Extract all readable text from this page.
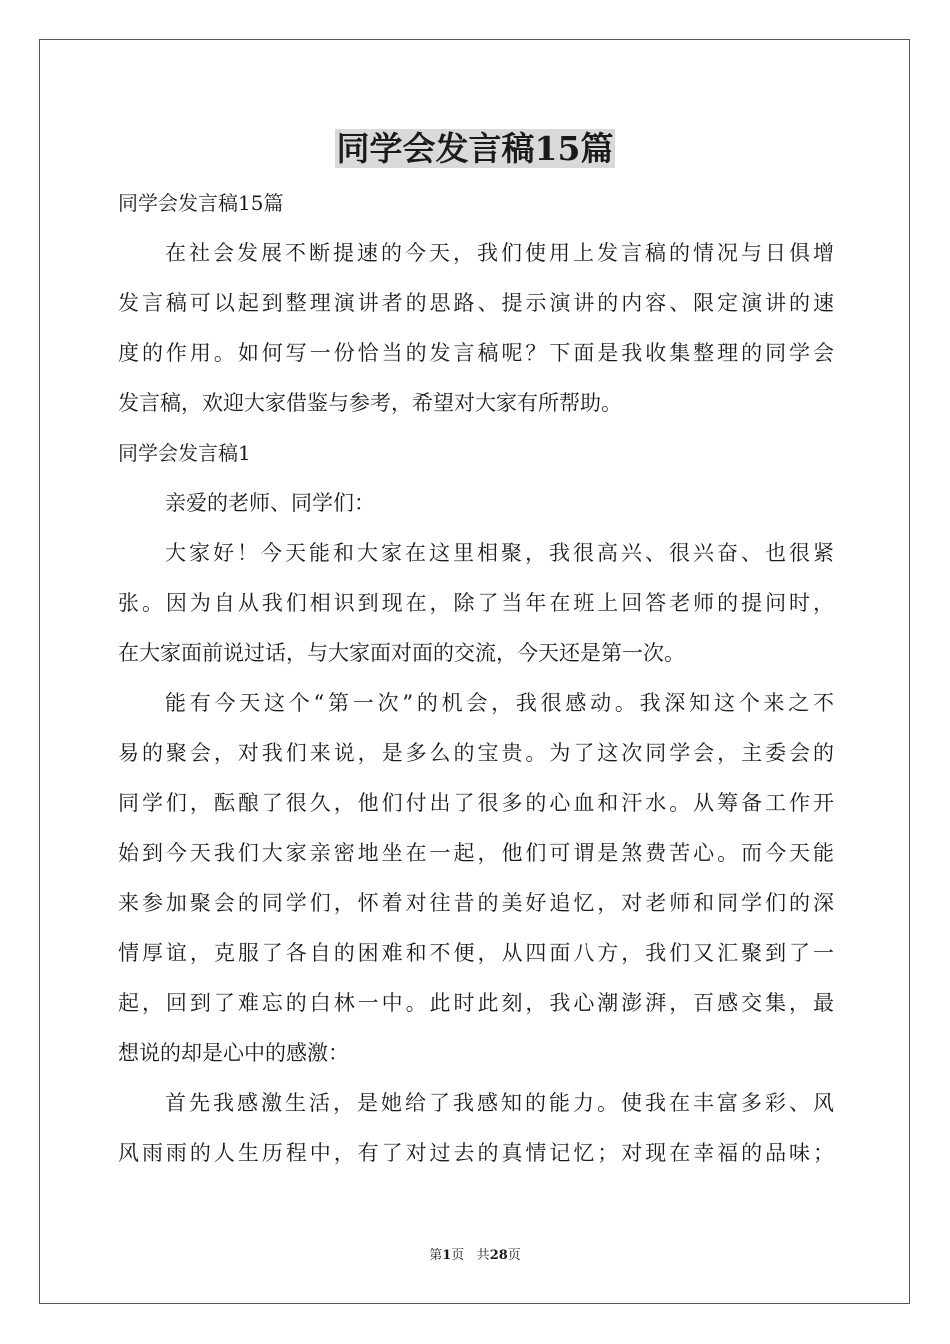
同学会发言稿15篇
同学会发言稿15篇
在社会发展不断提速的今天，我们使用上发言稿的情况与日俱增
发言稿可以起到整理演讲者的思路、提示演讲的内容、限定演讲的速
度的作用。如何写一份恰当的发言稿呢？下面是我收集整理的同学会
发言稿，欢迎大家借鉴与参考，希望对大家有所帮助。
同学会发言稿1
亲爱的老师、同学们：
大家好！今天能和大家在这里相聚，我很高兴、很兴奋、也很紧
张。因为自从我们相识到现在，除了当年在班上回答老师的提问时，
在大家面前说过话，与大家面对面的交流，今天还是第一次。
能有今天这个“第一次”的机会，我很感动。我深知这个来之不
易的聚会，对我们来说，是多么的宝贵。为了这次同学会，主委会的
同学们，酝酿了很久，他们付出了很多的心血和汗水。从筹备工作开
始到今天我们大家亲密地坐在一起，他们可谓是煞费苦心。而今天能
来参加聚会的同学们，怀着对往昔的美好追忆，对老师和同学们的深
情厚谊，克服了各自的困难和不便，从四面八方，我们又汇聚到了一
起，回到了难忘的白林一中。此时此刻，我心潮澎湃，百感交集，最
想说的却是心中的感激：
首先我感激生活，是她给了我感知的能力。使我在丰富多彩、风
风雨雨的人生历程中，有了对过去的真情记忆；对现在幸福的品味；
第1页 共28页
